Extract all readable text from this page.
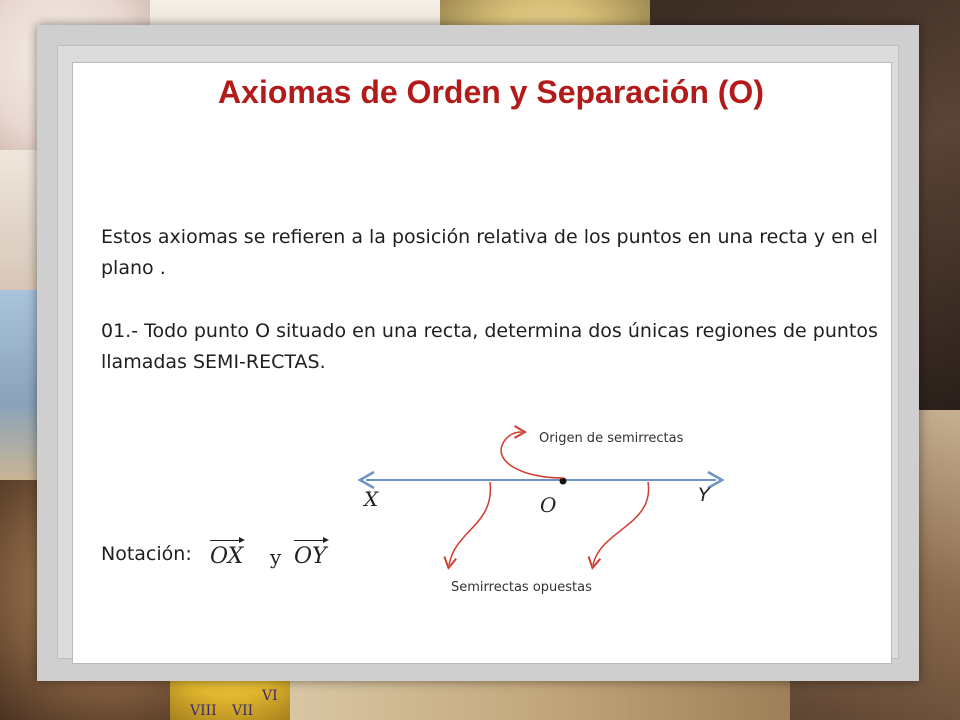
VI
VIII VII
Axiomas de Orden y Separación (O)
Estos axiomas se refieren a la posición relativa de los puntos en una recta y en el plano .
01.- Todo punto O situado en una recta, determina dos únicas regiones de puntos llamadas SEMI-RECTAS.
Origen de semirrectas
Semirrectas opuestas
X	O	Y
Notación: OX y OY
